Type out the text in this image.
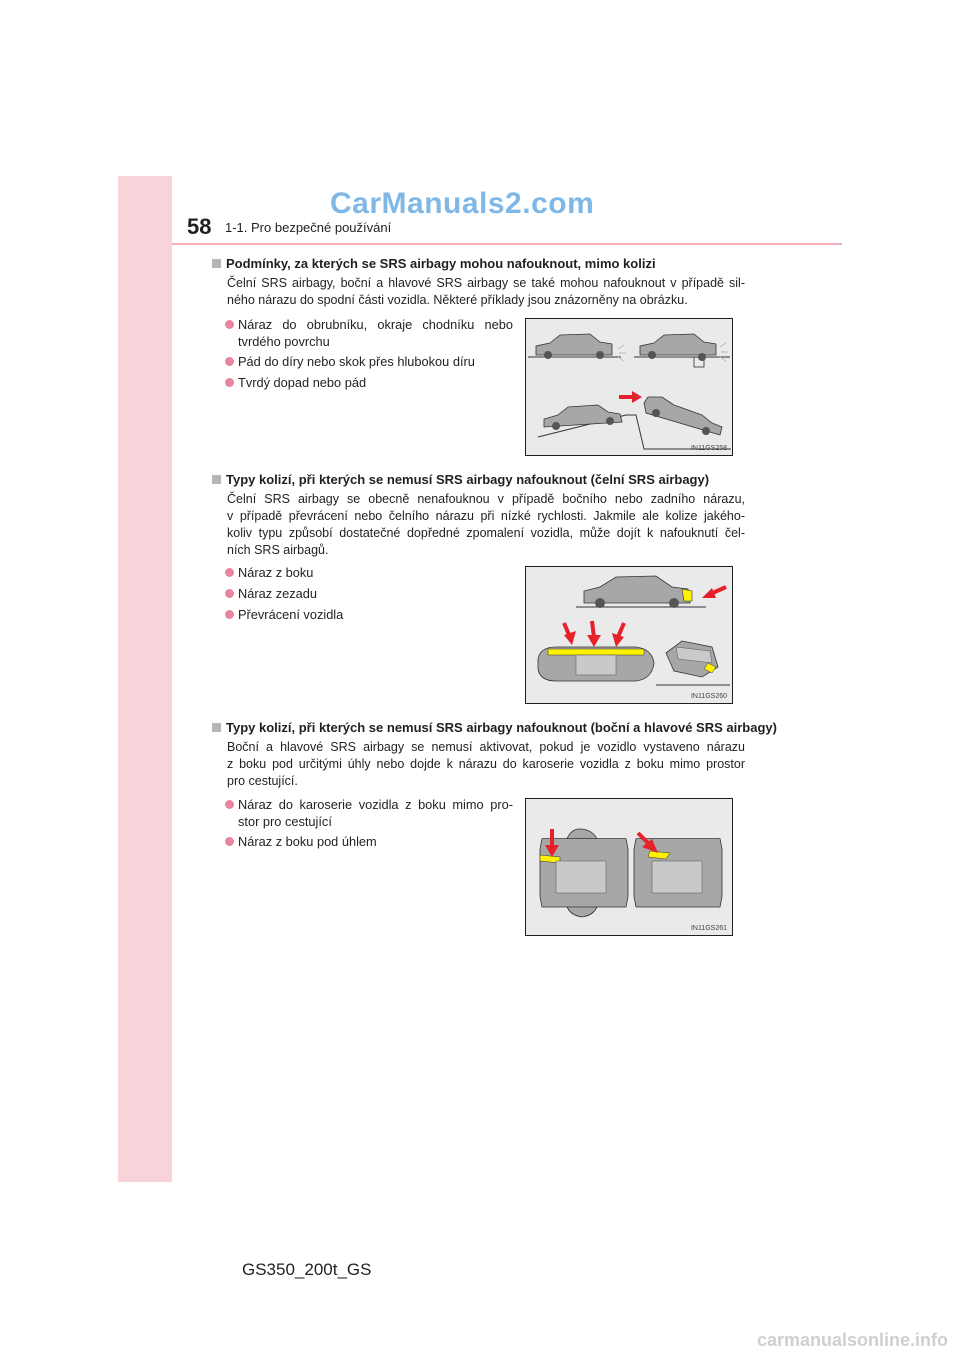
CarManuals2.com
58 1-1. Pro bezpečné používání
Podmínky, za kterých se SRS airbagy mohou nafouknout, mimo kolizi
Čelní SRS airbagy, boční a hlavové SRS airbagy se také mohou nafouknout v případě sil-
ného nárazu do spodní části vozidla. Některé příklady jsou znázorněny na obrázku.
Náraz do obrubníku, okraje chodníku nebo
tvrdého povrchu
Pád do díry nebo skok přes hlubokou díru
Tvrdý dopad nebo pád
IN11GS258
Typy kolizí, při kterých se nemusí SRS airbagy nafouknout (čelní SRS airbagy)
Čelní SRS airbagy se obecně nenafouknou v případě bočního nebo zadního nárazu,
v případě převrácení nebo čelního nárazu při nízké rychlosti. Jakmile ale kolize jakého-
koliv typu způsobí dostatečné dopředné zpomalení vozidla, může dojít k nafouknutí čel-
ních SRS airbagů.
Náraz z boku
Náraz zezadu
Převrácení vozidla
IN11GS260
Typy kolizí, při kterých se nemusí SRS airbagy nafouknout (boční a hlavové SRS airbagy)
Boční a hlavové SRS airbagy se nemusí aktivovat, pokud je vozidlo vystaveno nárazu
z boku pod určitými úhly nebo dojde k nárazu do karoserie vozidla z boku mimo prostor
pro cestující.
Náraz do karoserie vozidla z boku mimo pro-
stor pro cestující
Náraz z boku pod úhlem
IN11GS261
GS350_200t_GS
carmanualsonline.info
